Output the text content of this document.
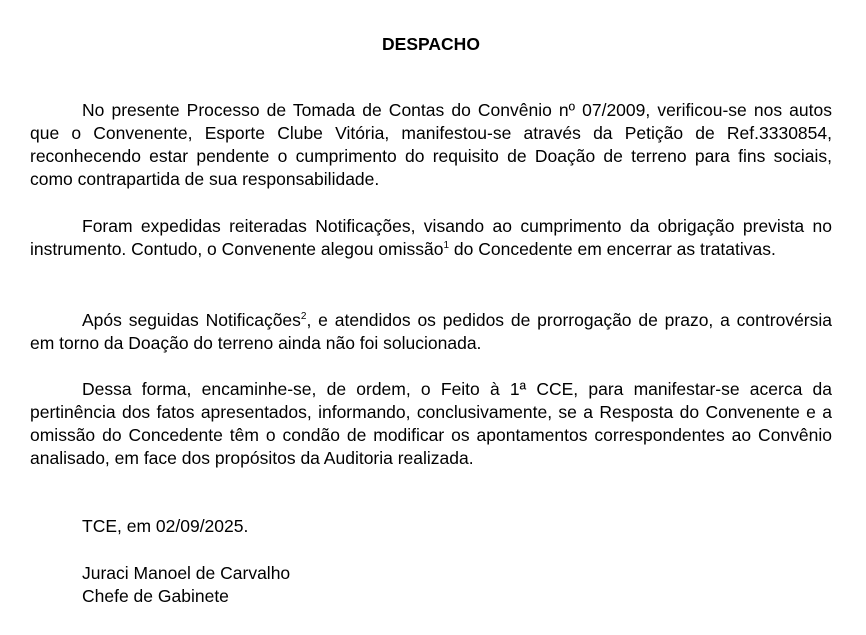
DESPACHO

No presente Processo de Tomada de Contas do Convênio nº 07/2009, verificou-se nos autos que o Convenente, Esporte Clube Vitória, manifestou-se através da Petição de Ref.3330854, reconhecendo estar pendente o cumprimento do requisito de Doação de terreno para fins sociais, como contrapartida de sua responsabilidade.

Foram expedidas reiteradas Notificações, visando ao cumprimento da obrigação prevista no instrumento. Contudo, o Convenente alegou omissão$^1$ do Concedente em encerrar as tratativas.

Após seguidas Notificações$^2$, e atendidos os pedidos de prorrogação de prazo, a controvérsia em torno da Doação do terreno ainda não foi solucionada.

Dessa forma, encaminhe-se, de ordem, o Feito à 1ª CCE, para manifestar-se acerca da pertinência dos fatos apresentados, informando, conclusivamente, se a Resposta do Convenente e a omissão do Concedente têm o condão de modificar os apontamentos correspondentes ao Convênio analisado, em face dos propósitos da Auditoria realizada.

TCE, em 02/09/2025.

Juraci Manoel de Carvalho

Chefe de Gabinete
